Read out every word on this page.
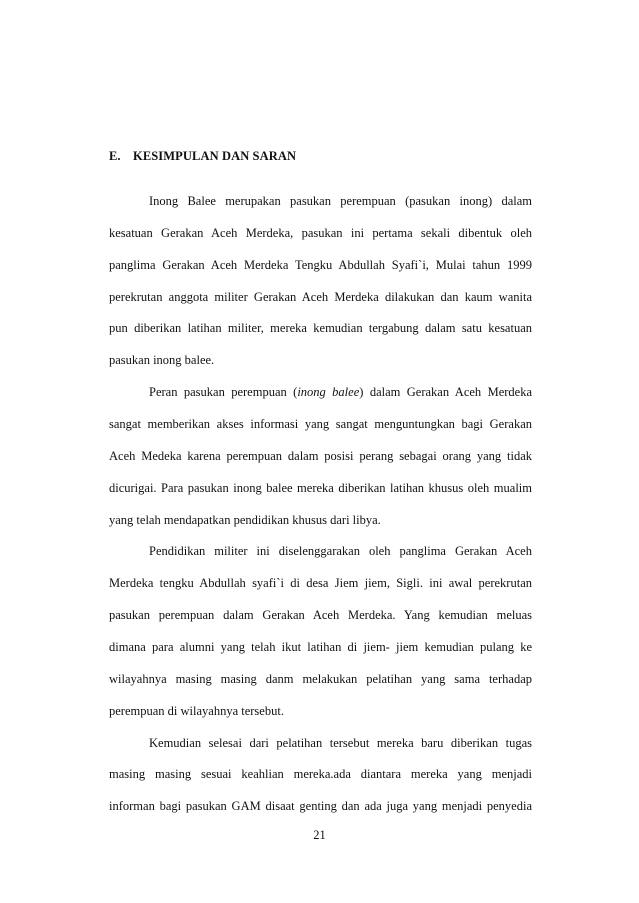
E. KESIMPULAN DAN SARAN
Inong Balee merupakan pasukan perempuan (pasukan inong) dalam
kesatuan Gerakan Aceh Merdeka, pasukan ini pertama sekali dibentuk oleh
panglima Gerakan Aceh Merdeka Tengku Abdullah Syafi`i, Mulai tahun 1999
perekrutan anggota militer Gerakan Aceh Merdeka dilakukan dan kaum wanita
pun diberikan latihan militer, mereka kemudian tergabung dalam satu kesatuan
pasukan inong balee.
Peran pasukan perempuan (inong balee) dalam Gerakan Aceh Merdeka
sangat memberikan akses informasi yang sangat menguntungkan bagi Gerakan
Aceh Medeka karena perempuan dalam posisi perang sebagai orang yang tidak
dicurigai. Para pasukan inong balee mereka diberikan latihan khusus oleh mualim
yang telah mendapatkan pendidikan khusus dari libya.
Pendidikan militer ini diselenggarakan oleh panglima Gerakan Aceh
Merdeka tengku Abdullah syafi`i di desa Jiem jiem, Sigli. ini awal perekrutan
pasukan perempuan dalam Gerakan Aceh Merdeka. Yang kemudian meluas
dimana para alumni yang telah ikut latihan di jiem- jiem kemudian pulang ke
wilayahnya masing masing danm melakukan pelatihan yang sama terhadap
perempuan di wilayahnya tersebut.
Kemudian selesai dari pelatihan tersebut mereka baru diberikan tugas
masing masing sesuai keahlian mereka.ada diantara mereka yang menjadi
informan bagi pasukan GAM disaat genting dan ada juga yang menjadi penyedia
21
